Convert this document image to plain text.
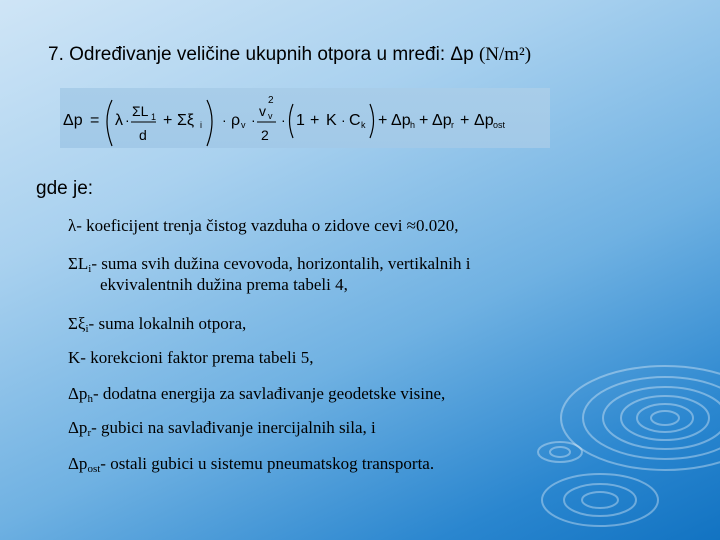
7. Određivanje veličine ukupnih otpora u mređi: Δp (N/m²)
Δp = λ ·
ΣL 1
d
+ Σξ i · ρ v ·
v
2
v
2
· 1 + K · C k + Δp h + Δp r + Δp ost
gde je:
λ- koeficijent trenja čistog vazduha o zidove cevi ≈0.020,
$\Sigma L_i-$ suma svih dužina cevovoda, horizontalih, vertikalnih i
ekvivalentnih dužina prema tabeli 4,
$\Sigma\xi_i-$ suma lokalnih otpora,
K- korekcioni faktor prema tabeli 5,
$\Delta p_h-$ dodatna energija za savlađivanje geodetske visine,
$\Delta p_r-$ gubici na savlađivanje inercijalnih sila, i
$\Delta p_{ost}-$ ostali gubici u sistemu pneumatskog transporta.
